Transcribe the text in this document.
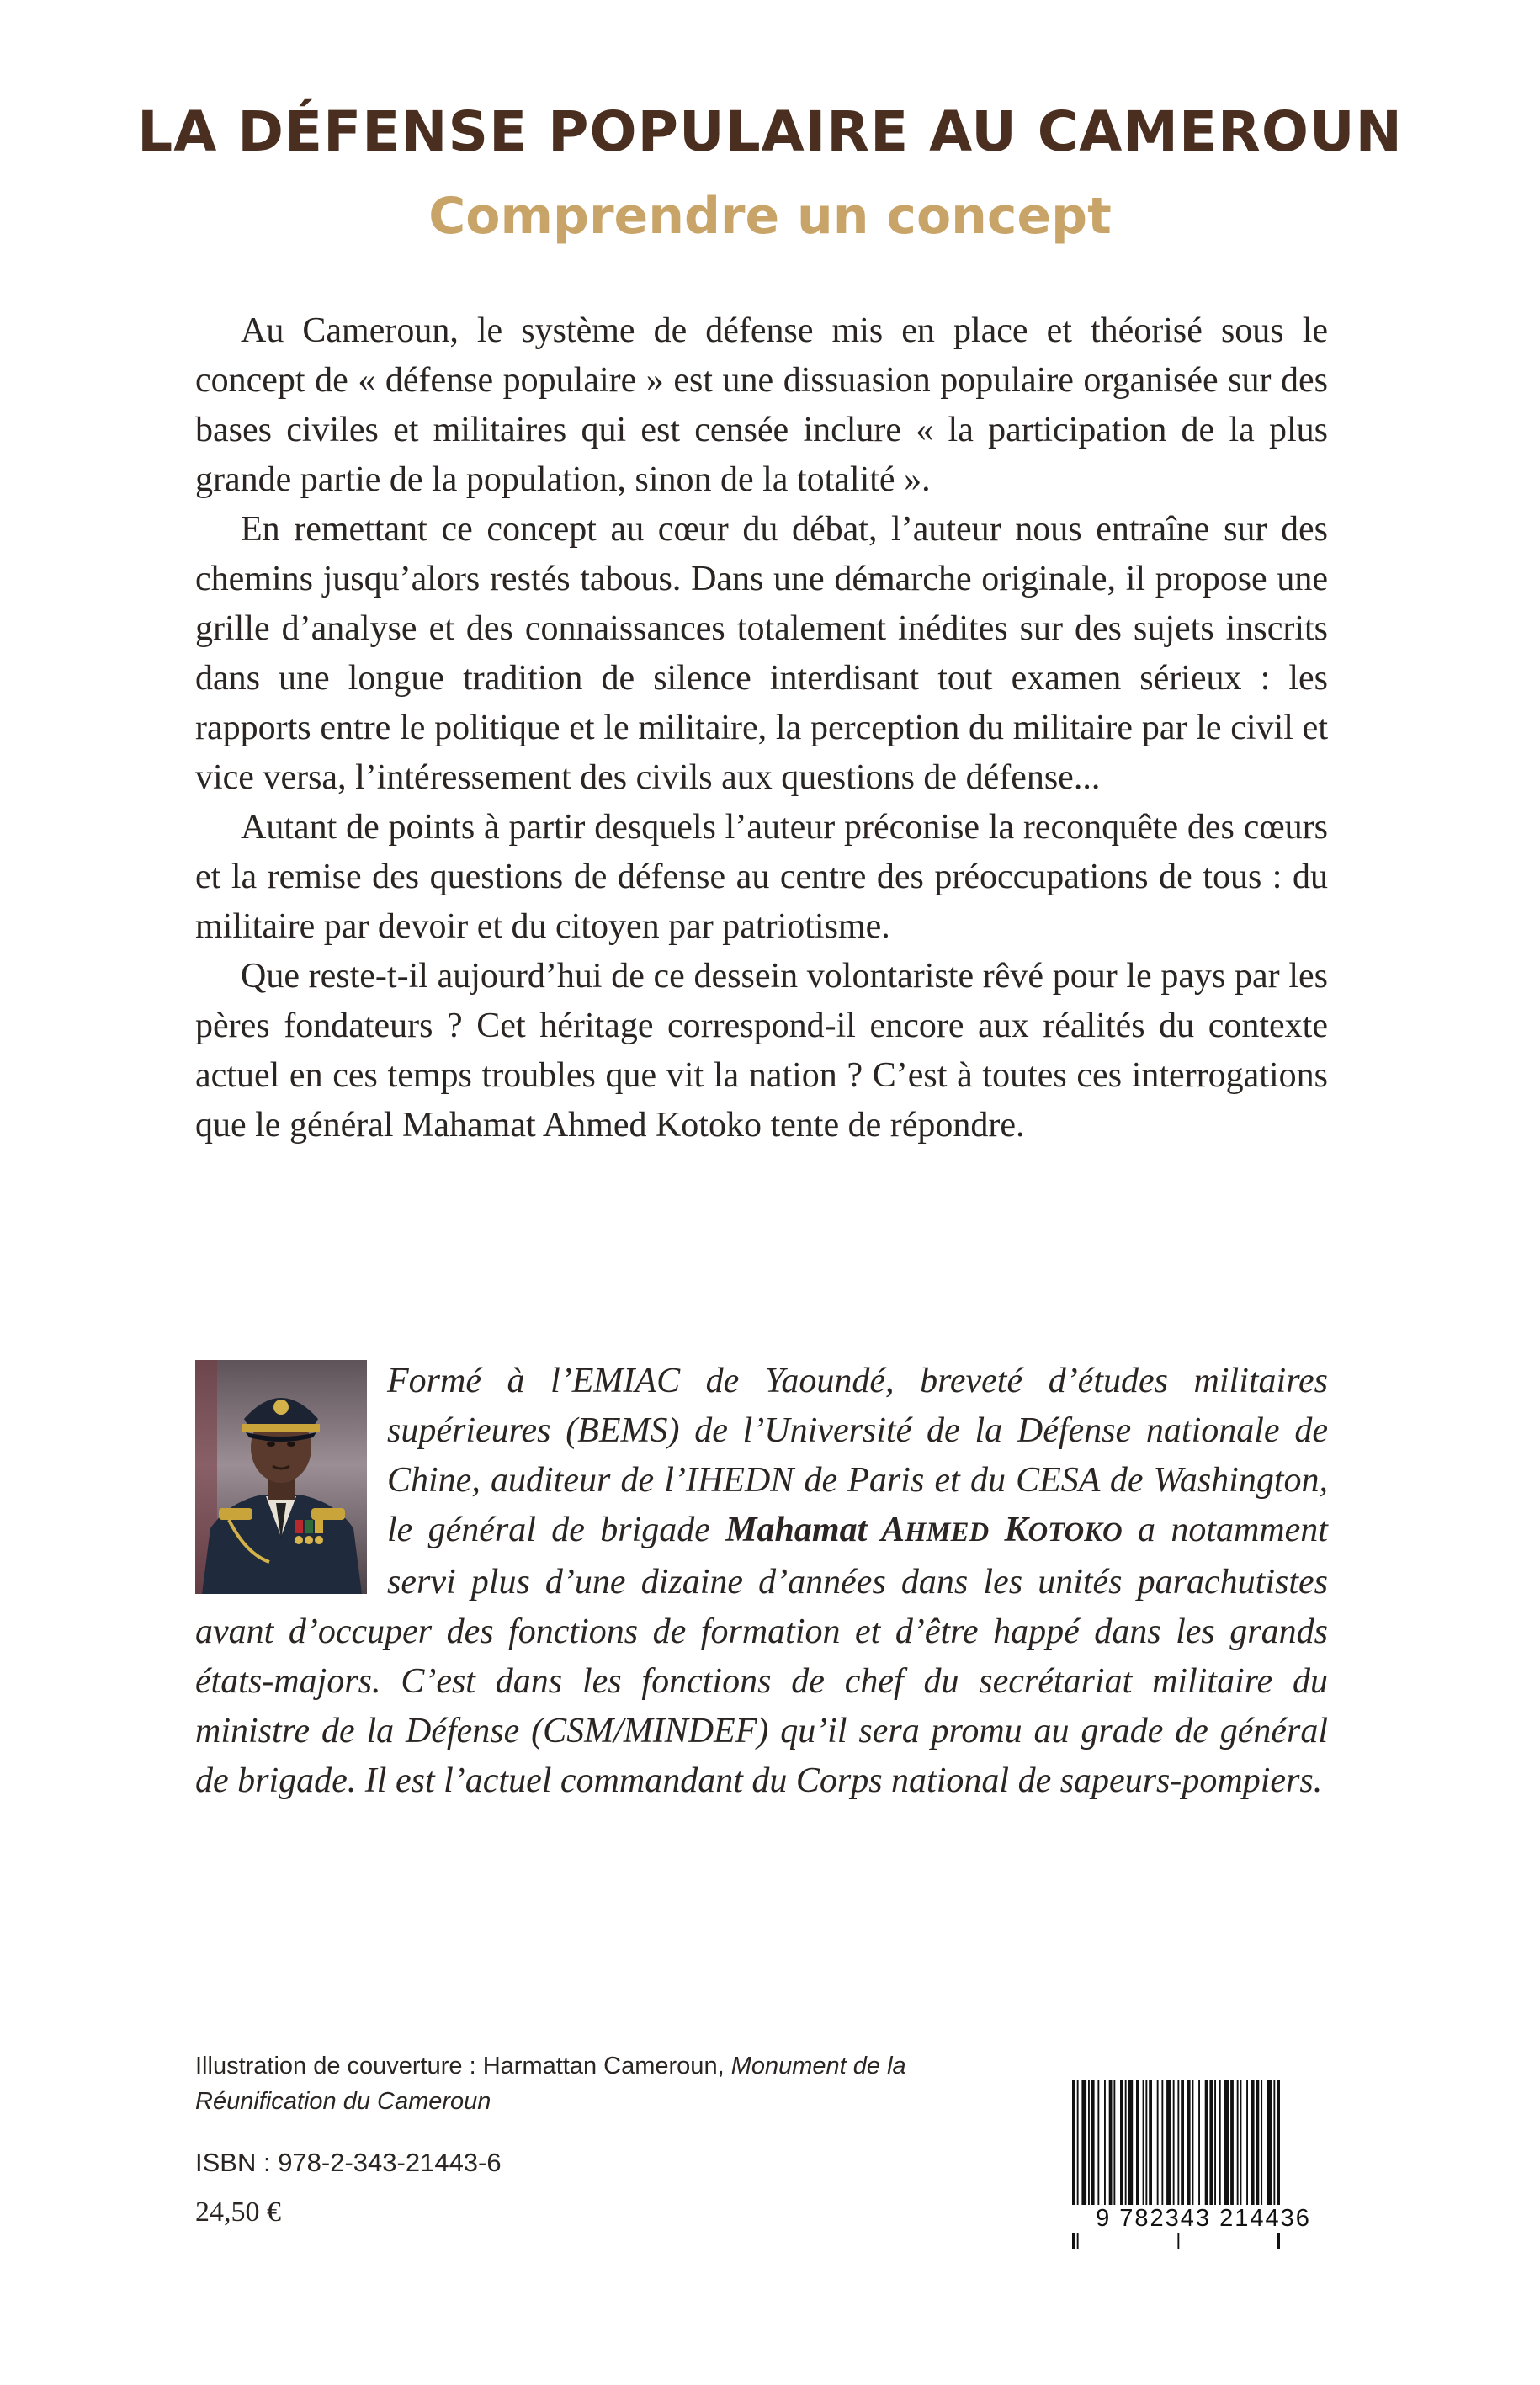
LA DÉFENSE POPULAIRE AU CAMEROUN
Comprendre un concept

Au Cameroun, le système de défense mis en place et théorisé sous le concept de « défense populaire » est une dissuasion populaire organisée sur des bases civiles et militaires qui est censée inclure « la participation de la plus grande partie de la population, sinon de la totalité ».

En remettant ce concept au cœur du débat, l’auteur nous entraîne sur des chemins jusqu’alors restés tabous. Dans une démarche originale, il propose une grille d’analyse et des connaissances totalement inédites sur des sujets inscrits dans une longue tradition de silence interdisant tout examen sérieux : les rapports entre le politique et le militaire, la perception du militaire par le civil et vice versa, l’intéressement des civils aux questions de défense...

Autant de points à partir desquels l’auteur préconise la reconquête des cœurs et la remise des questions de défense au centre des préoccupations de tous : du militaire par devoir et du citoyen par patriotisme.

Que reste-t-il aujourd’hui de ce dessein volontariste rêvé pour le pays par les pères fondateurs ? Cet héritage correspond-il encore aux réalités du contexte actuel en ces temps troubles que vit la nation ? C’est à toutes ces interrogations que le général Mahamat Ahmed Kotoko tente de répondre.

Formé à l’EMIAC de Yaoundé, breveté d’études militaires supérieures (BEMS) de l’Université de la Défense nationale de Chine, auditeur de l’IHEDN de Paris et du CESA de Washington, le général de brigade Mahamat AHMED KOTOKO a notamment servi plus d’une dizaine d’années dans les unités parachutistes avant d’occuper des fonctions de formation et d’être happé dans les grands états-majors. C’est dans les fonctions de chef du secrétariat militaire du ministre de la Défense (CSM/MINDEF) qu’il sera promu au grade de général de brigade. Il est l’actuel commandant du Corps national de sapeurs-pompiers.
Illustration de couverture : Harmattan Cameroun, Monument de la Réunification du Cameroun
ISBN : 978-2-343-21443-6
24,50 €	9 782343 214436
